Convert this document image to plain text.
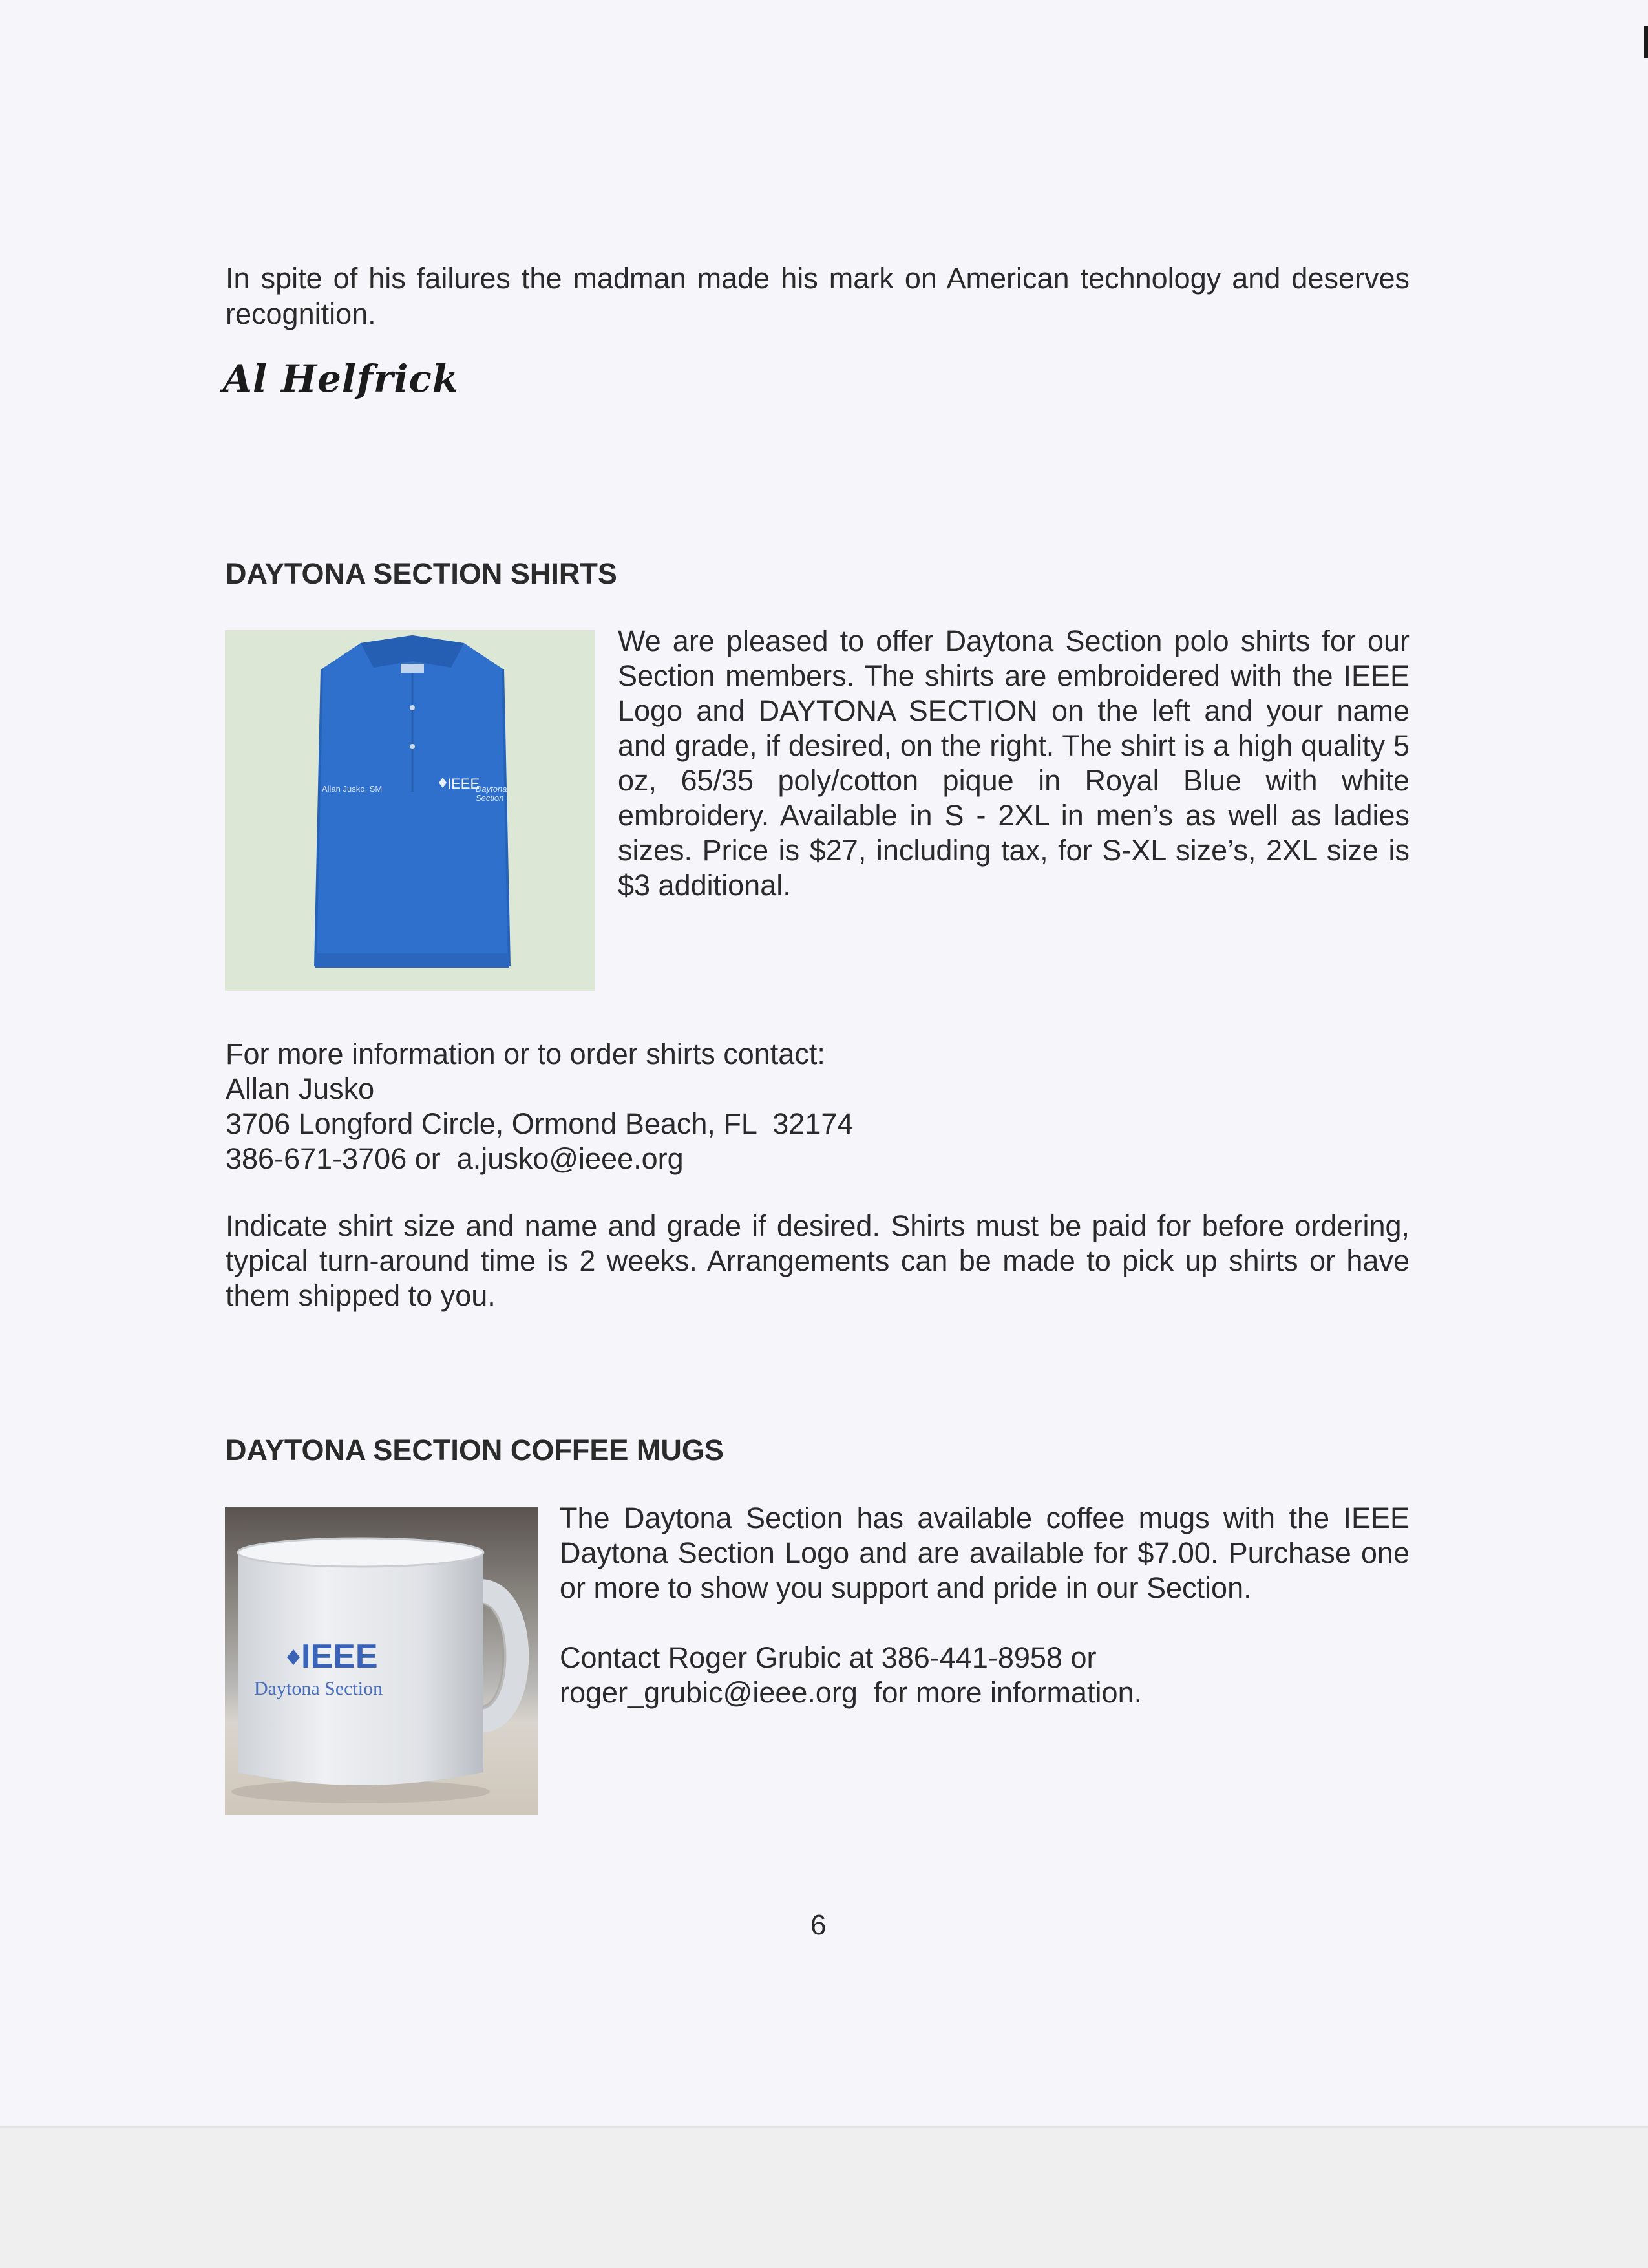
In spite of his failures the madman made his mark on American technology and deserves recognition.

Al Helfrick
DAYTONA SECTION SHIRTS
Allan Jusko, SM	Daytona
Section
IEEE

We are pleased to offer Daytona Section polo shirts for our Section members. The shirts are embroidered with the IEEE Logo and DAYTONA SECTION on the left and your name and grade, if desired, on the right. The shirt is a high quality 5 oz, 65/35 poly/cotton pique in Royal Blue with white embroidery. Available in S - 2XL in men’s as well as ladies sizes. Price is $27, including tax, for S-XL size’s, 2XL size is $3 additional.

For more information or to order shirts contact:
Allan Jusko
3706 Longford Circle, Ormond Beach, FL  32174
386-671-3706 or  a.jusko@ieee.org

Indicate shirt size and name and grade if desired. Shirts must be paid for before ordering, typical turn-around time is 2 weeks. Arrangements can be made to pick up shirts or have them shipped to you.

DAYTONA SECTION COFFEE MUGS
IEEE
Daytona Section

The Daytona Section has available coffee mugs with the IEEE Daytona Section Logo and are available for $7.00. Purchase one or more to show you support and pride in our Section.

Contact Roger Grubic at 386-441-8958 or
roger_grubic@ieee.org  for more information.

6
